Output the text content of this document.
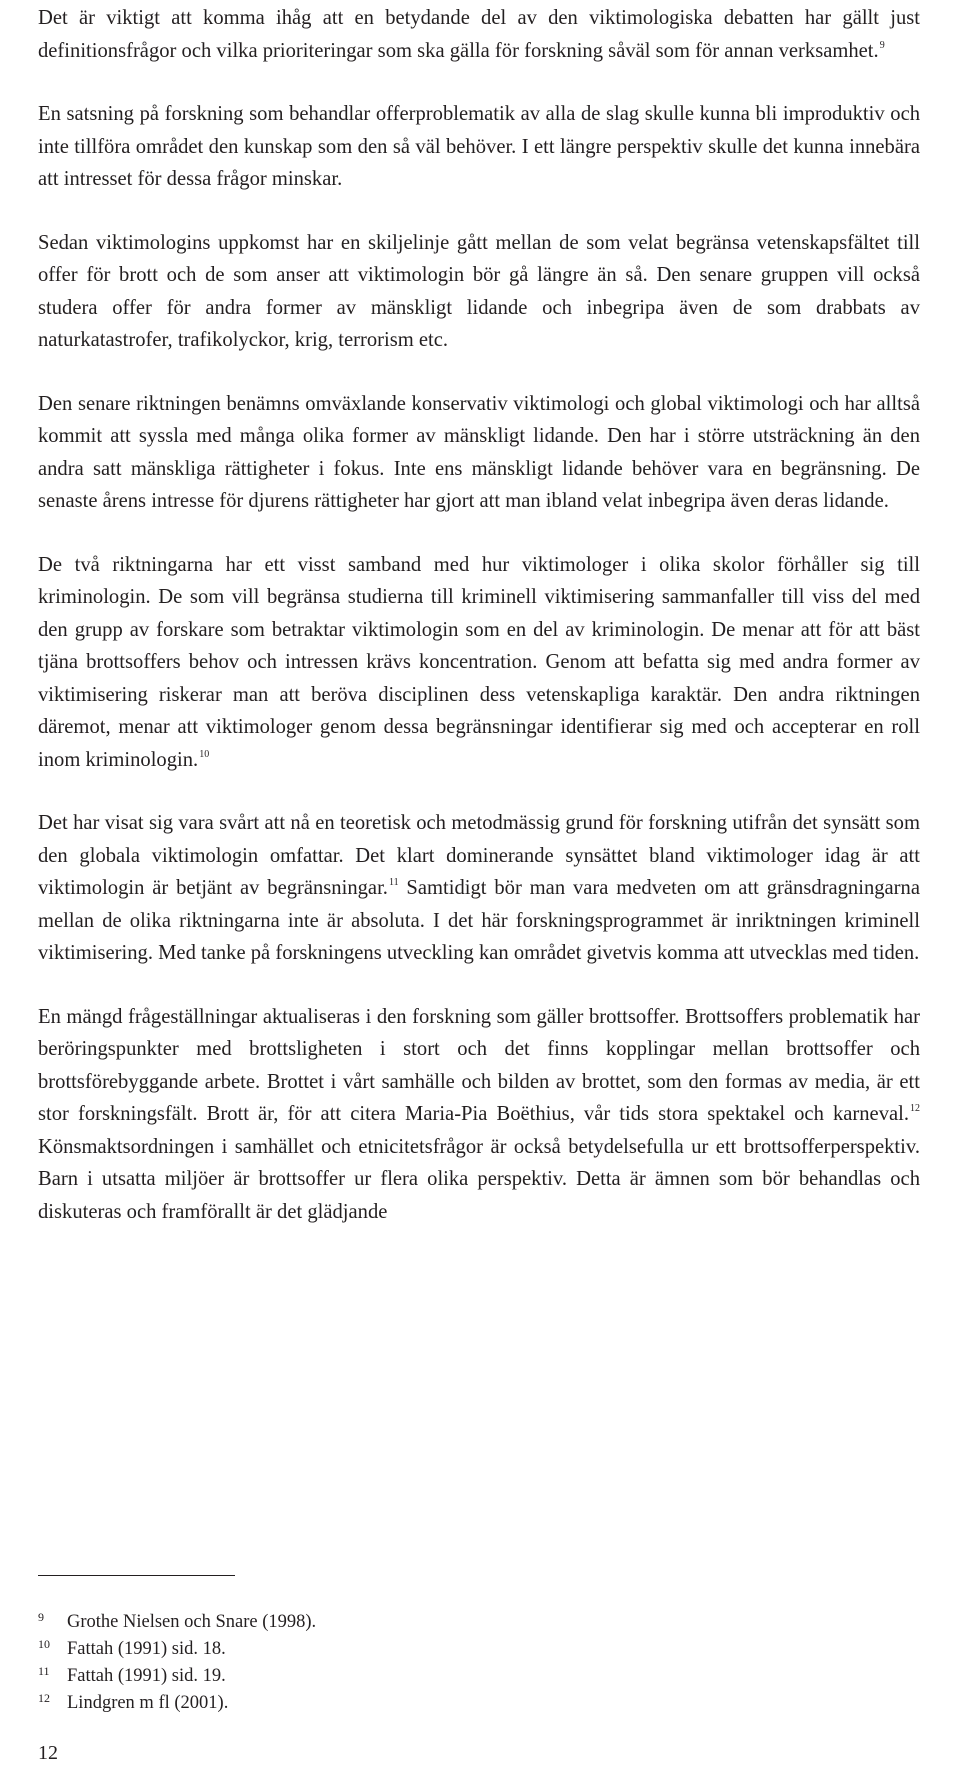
Det är viktigt att komma ihåg att en betydande del av den viktimologiska debatten har gällt just definitionsfrågor och vilka prioriteringar som ska gälla för forskning såväl som för annan verksamhet.$^9$

En satsning på forskning som behandlar offerproblematik av alla de slag skulle kunna bli improduktiv och inte tillföra området den kunskap som den så väl behöver. I ett längre perspektiv skulle det kunna innebära att intresset för dessa frågor minskar.

Sedan viktimologins uppkomst har en skiljelinje gått mellan de som velat begränsa vetenskapsfältet till offer för brott och de som anser att viktimologin bör gå längre än så. Den senare gruppen vill också studera offer för andra former av mänskligt lidande och inbegripa även de som drabbats av naturkatastrofer, trafikolyckor, krig, terrorism etc.

Den senare riktningen benämns omväxlande konservativ viktimologi och global viktimologi och har alltså kommit att syssla med många olika former av mänskligt lidande. Den har i större utsträckning än den andra satt mänskliga rättigheter i fokus. Inte ens mänskligt lidande behöver vara en begränsning. De senaste årens intresse för djurens rättigheter har gjort att man ibland velat inbegripa även deras lidande.

De två riktningarna har ett visst samband med hur viktimologer i olika skolor förhåller sig till kriminologin. De som vill begränsa studierna till kriminell viktimisering sammanfaller till viss del med den grupp av forskare som betraktar viktimologin som en del av kriminologin. De menar att för att bäst tjäna brottsoffers behov och intressen krävs koncentration. Genom att befatta sig med andra former av viktimisering riskerar man att beröva disciplinen dess vetenskapliga karaktär. Den andra riktningen däremot, menar att viktimologer genom dessa begränsningar identifierar sig med och accepterar en roll inom kriminologin.$^{10}$

Det har visat sig vara svårt att nå en teoretisk och metodmässig grund för forskning utifrån det synsätt som den globala viktimologin omfattar. Det klart dominerande synsättet bland viktimologer idag är att viktimologin är betjänt av begränsningar.$^{11}$ Samtidigt bör man vara medveten om att gränsdragningarna mellan de olika riktningarna inte är absoluta. I det här forskningsprogrammet är inriktningen kriminell viktimisering. Med tanke på forskningens utveckling kan området givetvis komma att utvecklas med tiden.

En mängd frågeställningar aktualiseras i den forskning som gäller brottsoffer. Brottsoffers problematik har beröringspunkter med brottsligheten i stort och det finns kopplingar mellan brottsoffer och brottsförebyggande arbete. Brottet i vårt samhälle och bilden av brottet, som den formas av media, är ett stor forskningsfält. Brott är, för att citera Maria-Pia Boëthius, vår tids stora spektakel och karneval.$^{12}$ Könsmaktsordningen i samhället och etnicitetsfrågor är också betydelsefulla ur ett brottsofferperspektiv. Barn i utsatta miljöer är brottsoffer ur flera olika perspektiv. Detta är ämnen som bör behandlas och diskuteras och framförallt är det glädjande

9 Grothe Nielsen och Snare (1998).
10 Fattah (1991) sid. 18.
11 Fattah (1991) sid. 19.
12 Lindgren m fl (2001).
12
